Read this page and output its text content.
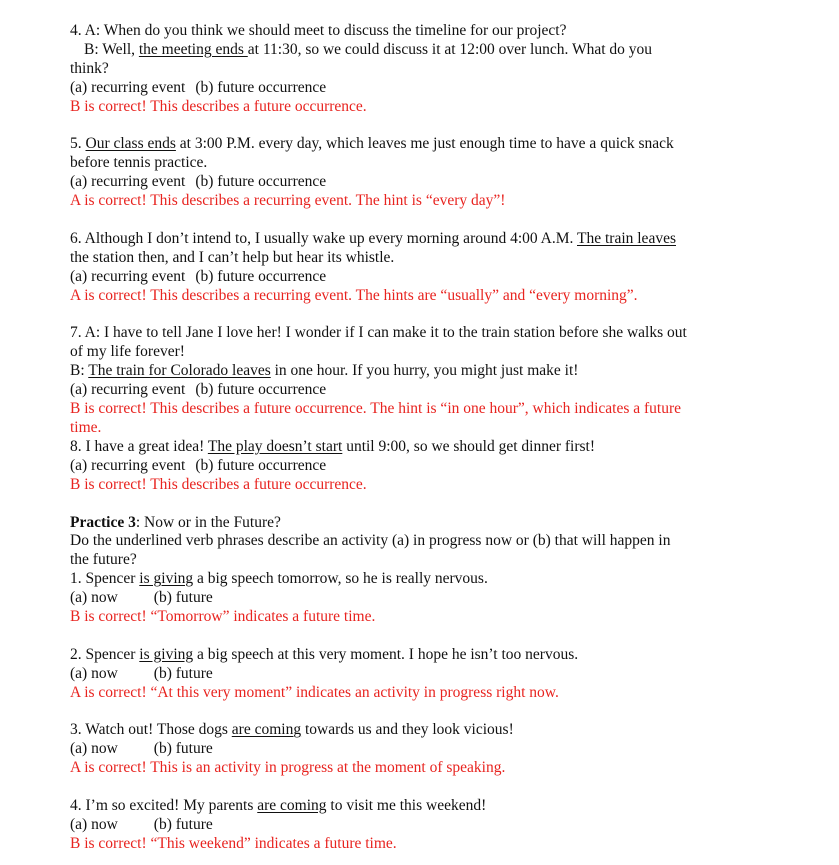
4. A: When do you think we should meet to discuss the timeline for our project?
B: Well, the meeting ends at 11:30, so we could discuss it at 12:00 over lunch. What do you
think?
(a) recurring event (b) future occurrence
B is correct! This describes a future occurrence.
5. Our class ends at 3:00 P.M. every day, which leaves me just enough time to have a quick snack
before tennis practice.
(a) recurring event (b) future occurrence
A is correct! This describes a recurring event. The hint is “every day”!
6. Although I don’t intend to, I usually wake up every morning around 4:00 A.M. The train leaves
the station then, and I can’t help but hear its whistle.
(a) recurring event (b) future occurrence
A is correct! This describes a recurring event. The hints are “usually” and “every morning”.
7. A: I have to tell Jane I love her! I wonder if I can make it to the train station before she walks out
of my life forever!
B: The train for Colorado leaves in one hour. If you hurry, you might just make it!
(a) recurring event (b) future occurrence
B is correct! This describes a future occurrence. The hint is “in one hour”, which indicates a future
time.
8. I have a great idea! The play doesn’t start until 9:00, so we should get dinner first!
(a) recurring event (b) future occurrence
B is correct! This describes a future occurrence.
Practice 3: Now or in the Future?
Do the underlined verb phrases describe an activity (a) in progress now or (b) that will happen in
the future?
1. Spencer is giving a big speech tomorrow, so he is really nervous.
(a) now (b) future
B is correct! “Tomorrow” indicates a future time.
2. Spencer is giving a big speech at this very moment. I hope he isn’t too nervous.
(a) now (b) future
A is correct! “At this very moment” indicates an activity in progress right now.
3. Watch out! Those dogs are coming towards us and they look vicious!
(a) now (b) future
A is correct! This is an activity in progress at the moment of speaking.
4. I’m so excited! My parents are coming to visit me this weekend!
(a) now (b) future
B is correct! “This weekend” indicates a future time.
